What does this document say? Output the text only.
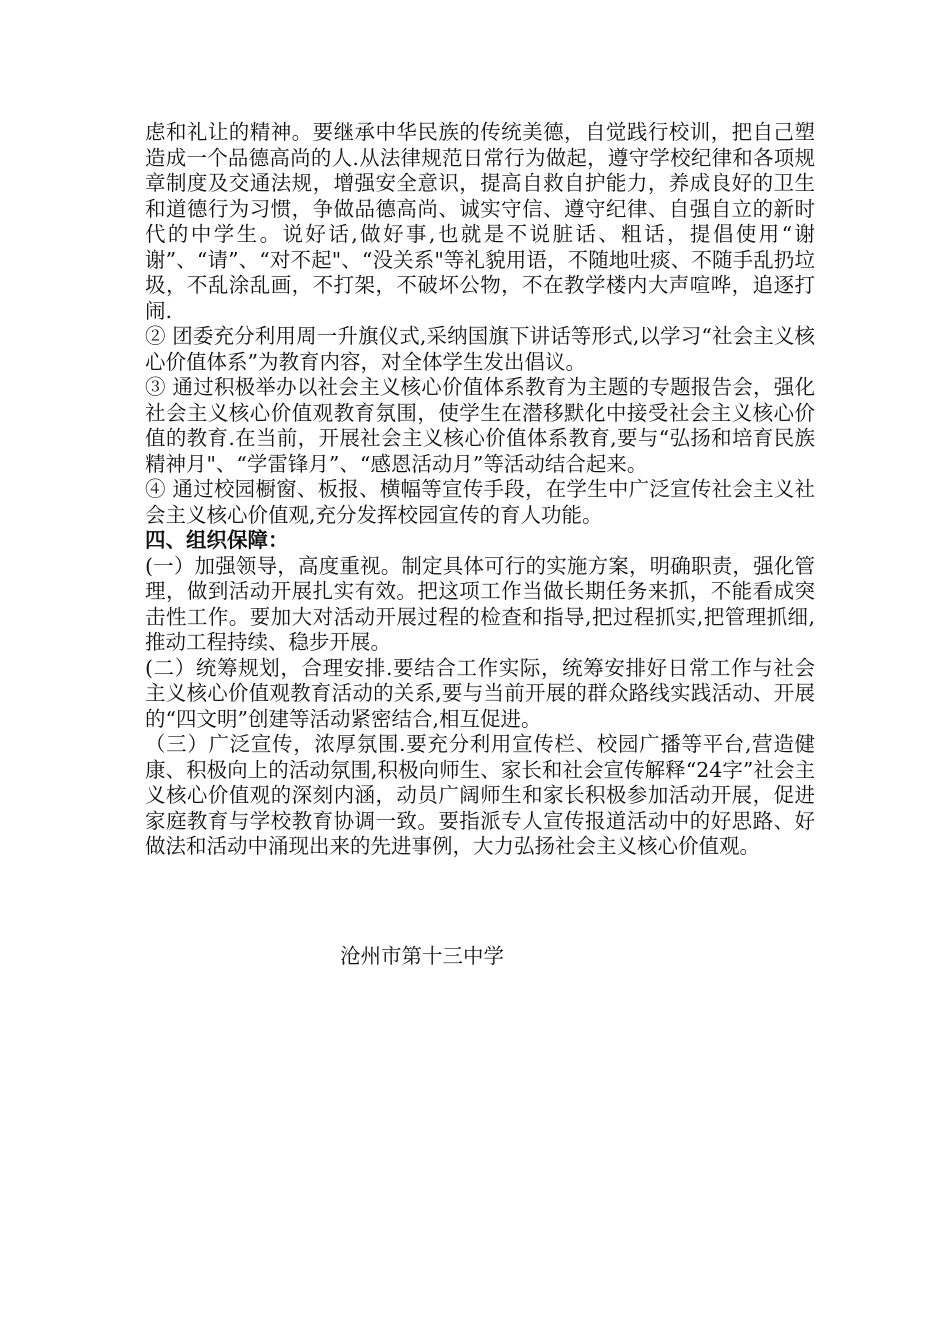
虑和礼让的精神。要继承中华民族的传统美德，自觉践行校训，把自己塑造成一个品德高尚的人.从法律规范日常行为做起，遵守学校纪律和各项规章制度及交通法规，增强安全意识，提高自救自护能力，养成良好的卫生和道德行为习惯，争做品德高尚、诚实守信、遵守纪律、自强自立的新时代的中学生。说好话,做好事,也就是不说脏话、粗话，提倡使用“谢谢”、“请”、“对不起"、“没关系"等礼貌用语，不随地吐痰、不随手乱扔垃圾，不乱涂乱画，不打架，不破坏公物，不在教学楼内大声喧哗，追逐打闹.

② 团委充分利用周一升旗仪式,采纳国旗下讲话等形式,以学习“社会主义核心价值体系”为教育内容，对全体学生发出倡议。

③ 通过积极举办以社会主义核心价值体系教育为主题的专题报告会，强化社会主义核心价值观教育氛围，使学生在潜移默化中接受社会主义核心价值的教育.在当前，开展社会主义核心价值体系教育,要与“弘扬和培育民族精神月"、“学雷锋月”、“感恩活动月”等活动结合起来。

④ 通过校园橱窗、板报、横幅等宣传手段，在学生中广泛宣传社会主义社会主义核心价值观,充分发挥校园宣传的育人功能。

四、组织保障：

(一）加强领导，高度重视。制定具体可行的实施方案，明确职责，强化管理，做到活动开展扎实有效。把这项工作当做长期任务来抓，不能看成突击性工作。要加大对活动开展过程的检查和指导,把过程抓实,把管理抓细,推动工程持续、稳步开展。

(二）统筹规划，合理安排.要结合工作实际，统筹安排好日常工作与社会主义核心价值观教育活动的关系,要与当前开展的群众路线实践活动、开展的“四文明”创建等活动紧密结合,相互促进。

（三）广泛宣传，浓厚氛围.要充分利用宣传栏、校园广播等平台,营造健康、积极向上的活动氛围,积极向师生、家长和社会宣传解释“24字”社会主义核心价值观的深刻内涵，动员广阔师生和家长积极参加活动开展，促进家庭教育与学校教育协调一致。要指派专人宣传报道活动中的好思路、好做法和活动中涌现出来的先进事例，大力弘扬社会主义核心价值观。

沧州市第十三中学
